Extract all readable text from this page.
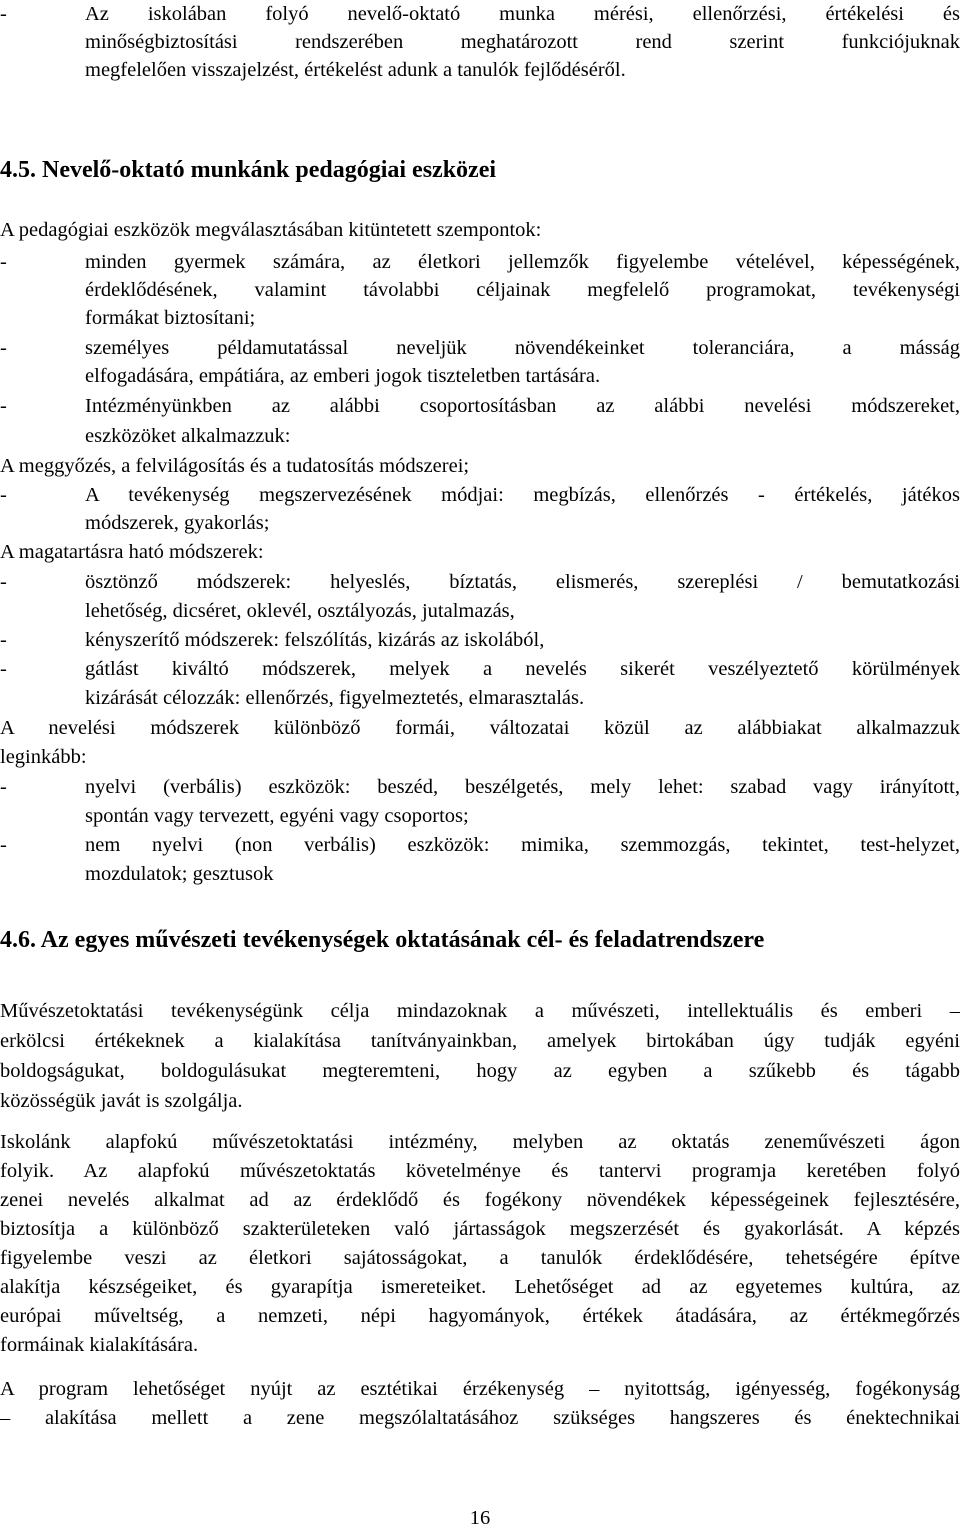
-	Az iskolában folyó nevelő-oktató munka mérési, ellenőrzési, értékelési és
minőségbiztosítási rendszerében meghatározott rend szerint funkciójuknak
megfelelően visszajelzést, értékelést adunk a tanulók fejlődéséről.
4.5. Nevelő-oktató munkánk pedagógiai eszközei
A pedagógiai eszközök megválasztásában kitüntetett szempontok:
-	minden gyermek számára, az életkori jellemzők figyelembe vételével, képességének,
érdeklődésének, valamint távolabbi céljainak megfelelő programokat, tevékenységi
formákat biztosítani;
-	személyes példamutatással neveljük növendékeinket toleranciára, a másság
elfogadására, empátiára, az emberi jogok tiszteletben tartására.
-	Intézményünkben az alábbi csoportosításban az alábbi nevelési módszereket,
eszközöket alkalmazzuk:
A meggyőzés, a felvilágosítás és a tudatosítás módszerei;
-	A tevékenység megszervezésének módjai: megbízás, ellenőrzés - értékelés, játékos
módszerek, gyakorlás;
A magatartásra ható módszerek:
-	ösztönző módszerek: helyeslés, bíztatás, elismerés, szereplési / bemutatkozási
lehetőség, dicséret, oklevél, osztályozás, jutalmazás,
-	kényszerítő módszerek: felszólítás, kizárás az iskolából,
-	gátlást kiváltó módszerek, melyek a nevelés sikerét veszélyeztető körülmények
kizárását célozzák: ellenőrzés, figyelmeztetés, elmarasztalás.
A nevelési módszerek különböző formái, változatai közül az alábbiakat alkalmazzuk
leginkább:
-	nyelvi (verbális) eszközök: beszéd, beszélgetés, mely lehet: szabad vagy irányított,
spontán vagy tervezett, egyéni vagy csoportos;
-	nem nyelvi (non verbális) eszközök: mimika, szemmozgás, tekintet, test-helyzet,
mozdulatok; gesztusok
4.6. Az egyes művészeti tevékenységek oktatásának cél- és feladatrendszere
Művészetoktatási tevékenységünk célja mindazoknak a művészeti, intellektuális és emberi –
erkölcsi értékeknek a kialakítása tanítványainkban, amelyek birtokában úgy tudják egyéni
boldogságukat, boldogulásukat megteremteni, hogy az egyben a szűkebb és tágabb
közösségük javát is szolgálja.
Iskolánk alapfokú művészetoktatási intézmény, melyben az oktatás zeneművészeti ágon
folyik. Az alapfokú művészetoktatás követelménye és tantervi programja keretében folyó
zenei nevelés alkalmat ad az érdeklődő és fogékony növendékek képességeinek fejlesztésére,
biztosítja a különböző szakterületeken való jártasságok megszerzését és gyakorlását. A képzés
figyelembe veszi az életkori sajátosságokat, a tanulók érdeklődésére, tehetségére építve
alakítja készségeiket, és gyarapítja ismereteiket. Lehetőséget ad az egyetemes kultúra, az
európai műveltség, a nemzeti, népi hagyományok, értékek átadására, az értékmegőrzés
formáinak kialakítására.
A program lehetőséget nyújt az esztétikai érzékenység – nyitottság, igényesség, fogékonyság
– alakítása mellett a zene megszólaltatásához szükséges hangszeres és énektechnikai
16
